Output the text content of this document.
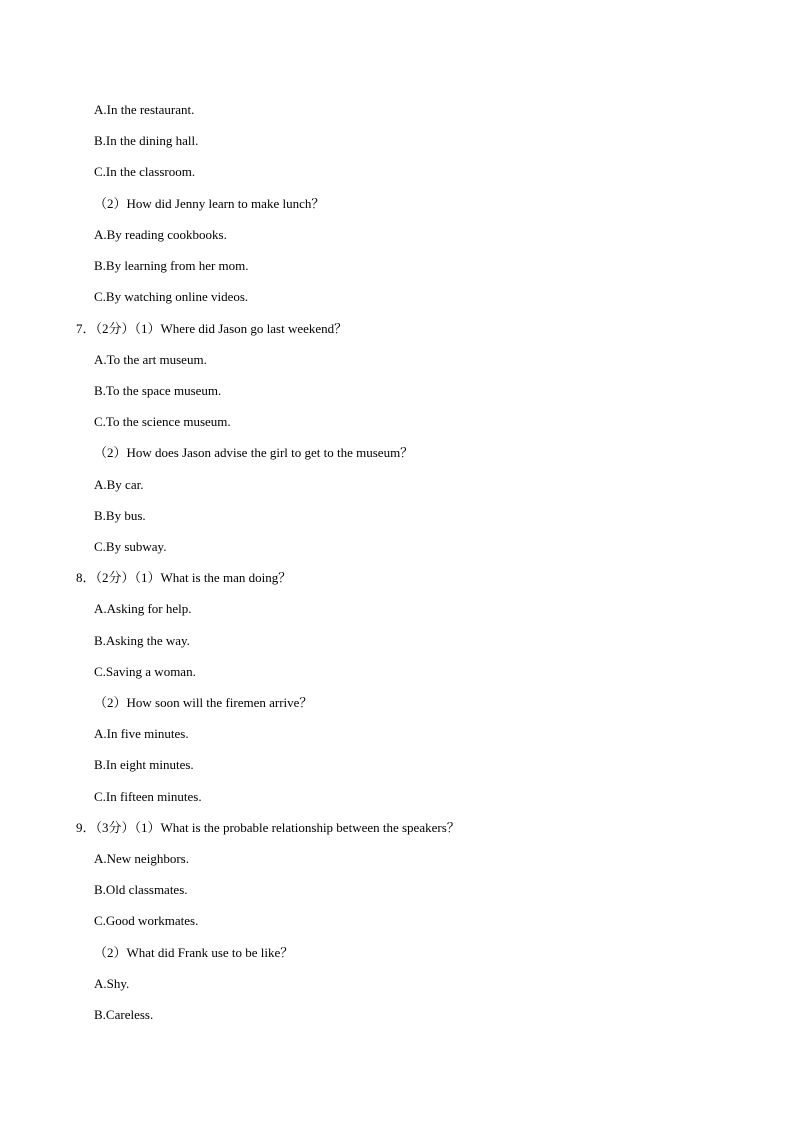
A.In the restaurant.
B.In the dining hall.
C.In the classroom.
（2）How did Jenny learn to make lunch？
A.By reading cookbooks.
B.By learning from her mom.
C.By watching online videos.
7．（2分）（1）Where did Jason go last weekend？
A.To the art museum.
B.To the space museum.
C.To the science museum.
（2）How does Jason advise the girl to get to the museum？
A.By car.
B.By bus.
C.By subway.
8．（2分）（1）What is the man doing？
A.Asking for help.
B.Asking the way.
C.Saving a woman.
（2）How soon will the firemen arrive？
A.In five minutes.
B.In eight minutes.
C.In fifteen minutes.
9．（3分）（1）What is the probable relationship between the speakers？
A.New neighbors.
B.Old classmates.
C.Good workmates.
（2）What did Frank use to be like？
A.Shy.
B.Careless.
